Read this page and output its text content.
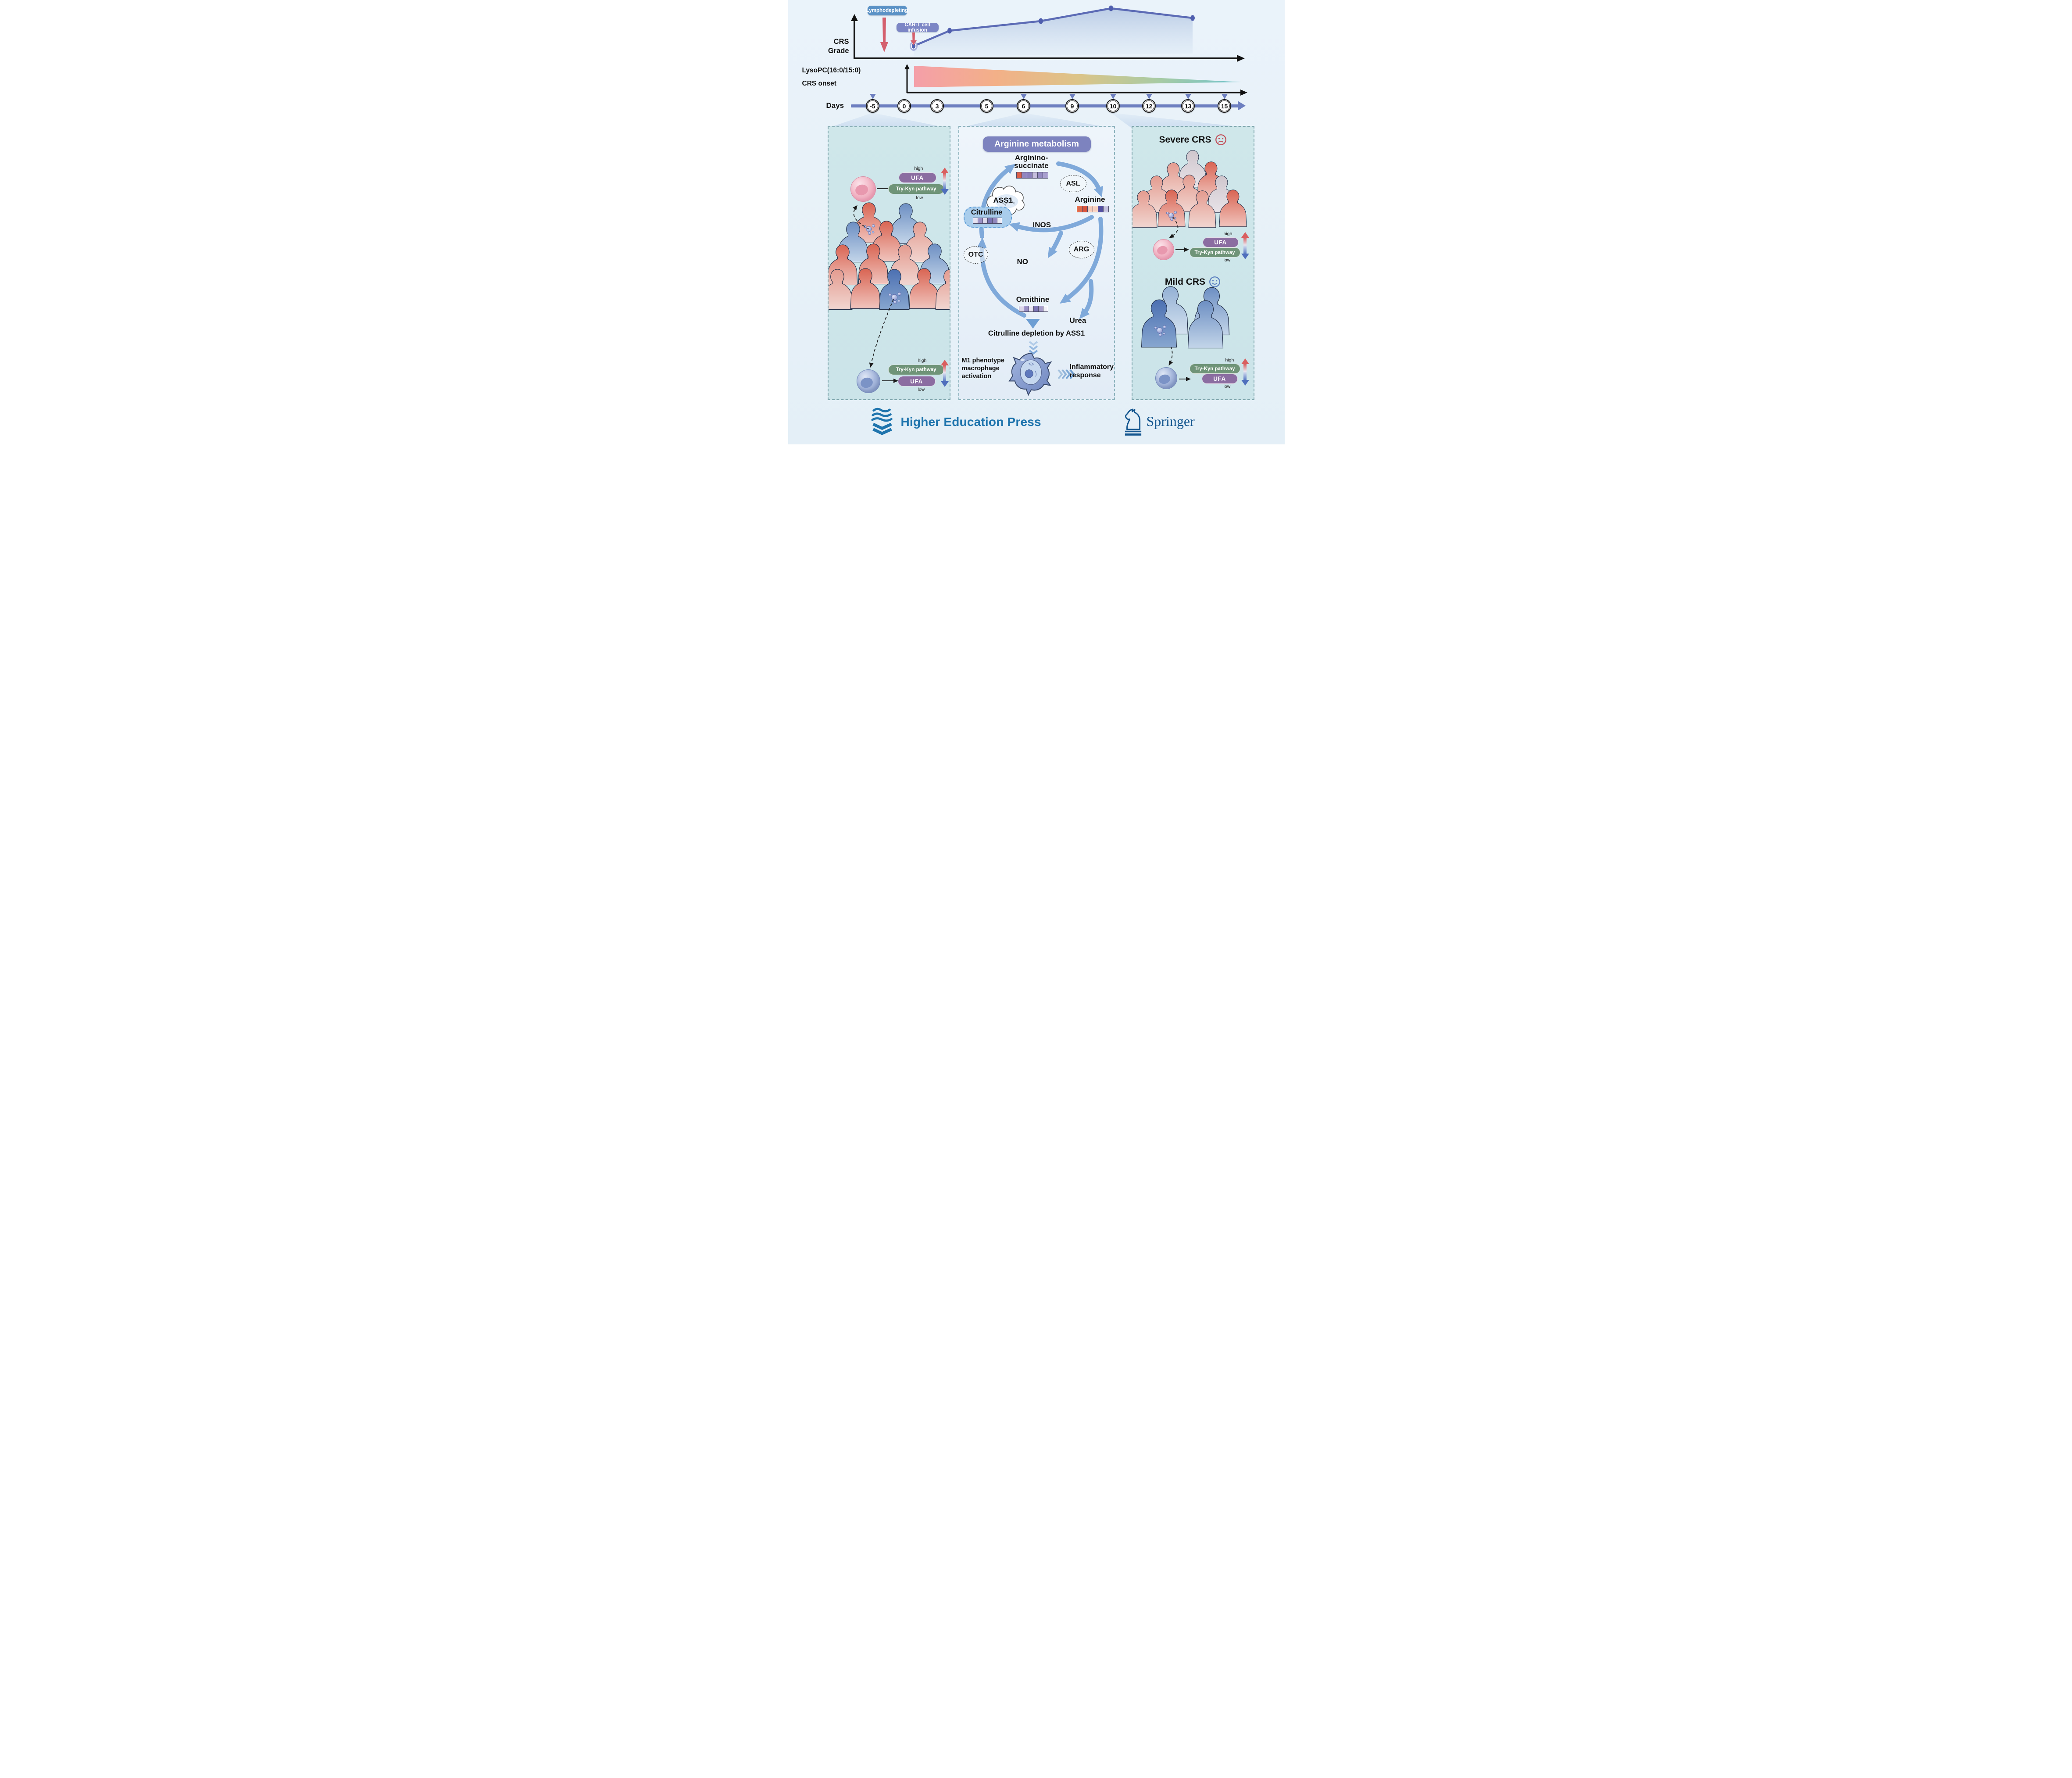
CRS
Grade
Lymphodepleting
CAR-T cell infusion
LysoPC(16:0/15:0)
CRS onset
Days	-5	0	3	5	6	9	10	12	13	15
high
UFA
Try-Kyn pathway
low
high
Try-Kyn pathway
UFA
low
Arginine metabolism
Arginino-
succinate
ASL
ASS1	Arginine
Citrulline
iNOS
OTC
NO
ARG
Ornithine
Urea
Citrulline depletion by ASS1
M1 phenotype
macrophage
activation
Inflammatory
response
Severe CRS
high
UFA
Try-Kyn pathway
low
Mild CRS
high
Try-Kyn pathway
UFA
low
Higher Education Press	Springer
